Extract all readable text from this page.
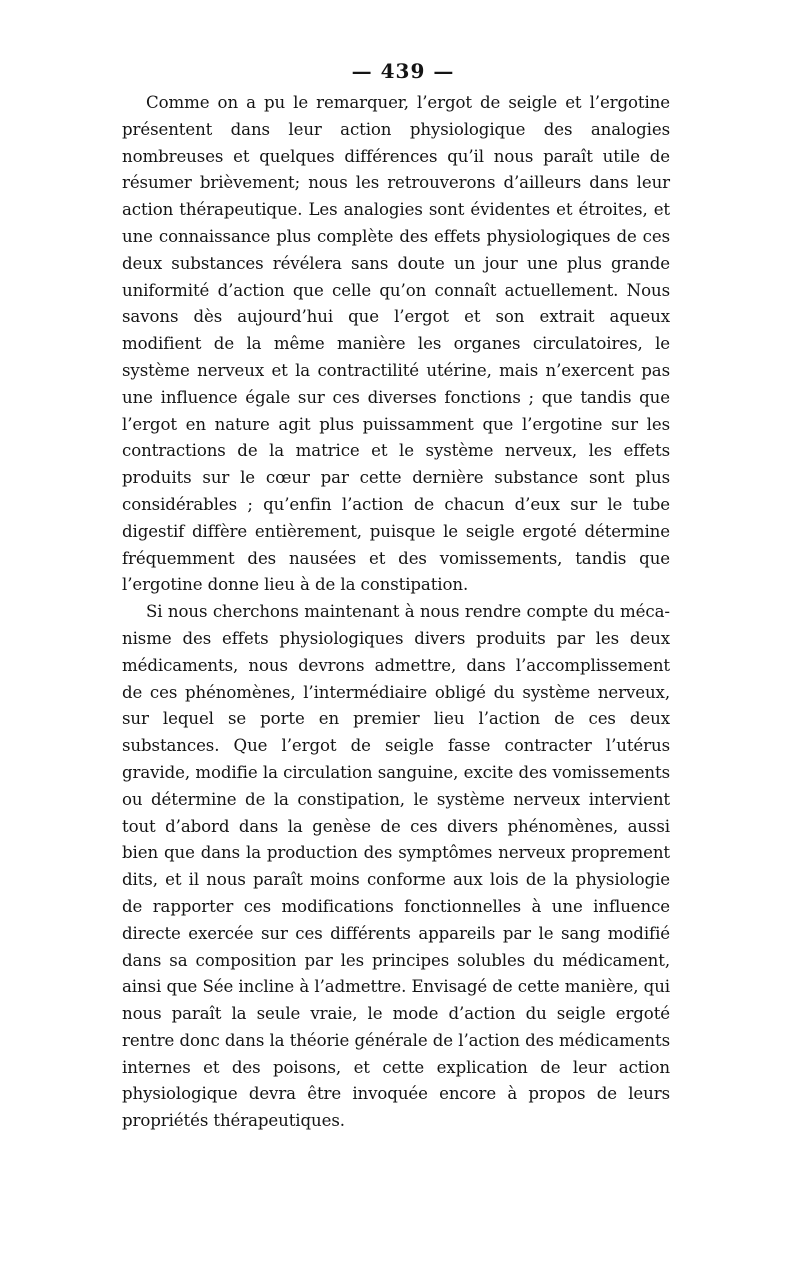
— 439 —

Comme on a pu le remarquer, l’ergot de seigle et l’ergotine présentent dans leur action physiologique des analogies nombreuses et quelques différences qu’il nous paraît utile de résumer brièvement; nous les retrouverons d’ailleurs dans leur action thérapeutique. Les analogies sont évidentes et étroites, et une connaissance plus complète des effets physiologiques de ces deux substances révélera sans doute un jour une plus grande uniformité d’action que celle qu’on connaît actuellement. Nous savons dès aujourd’hui que l’ergot et son extrait aqueux modifient de la même manière les organes circulatoires, le système nerveux et la contractilité utérine, mais n’exercent pas une influence égale sur ces diverses fonctions ; que tandis que l’ergot en nature agit plus puissamment que l’ergotine sur les contractions de la matrice et le système nerveux, les effets produits sur le cœur par cette dernière substance sont plus considérables ; qu’enfin l’action de chacun d’eux sur le tube digestif diffère entièrement, puisque le seigle ergoté détermine fréquemment des nausées et des vomissements, tandis que l’ergotine donne lieu à de la constipation.

Si nous cherchons maintenant à nous rendre compte du mécanisme des effets physiologiques divers produits par les deux médicaments, nous devrons admettre, dans l’accomplissement de ces phénomènes, l’intermédiaire obligé du système nerveux, sur lequel se porte en premier lieu l’action de ces deux substances. Que l’ergot de seigle fasse contracter l’utérus gravide, modifie la circulation sanguine, excite des vomissements ou détermine de la constipation, le système nerveux intervient tout d’abord dans la genèse de ces divers phénomènes, aussi bien que dans la production des symptômes nerveux proprement dits, et il nous paraît moins conforme aux lois de la physiologie de rapporter ces modifications fonctionnelles à une influence directe exercée sur ces différents appareils par le sang modifié dans sa composition par les principes solubles du médicament, ainsi que Sée incline à l’admettre. Envisagé de cette manière, qui nous paraît la seule vraie, le mode d’action du seigle ergoté rentre donc dans la théorie générale de l’action des médicaments internes et des poisons, et cette explication de leur action physiologique devra être invoquée encore à propos de leurs propriétés thérapeutiques.
